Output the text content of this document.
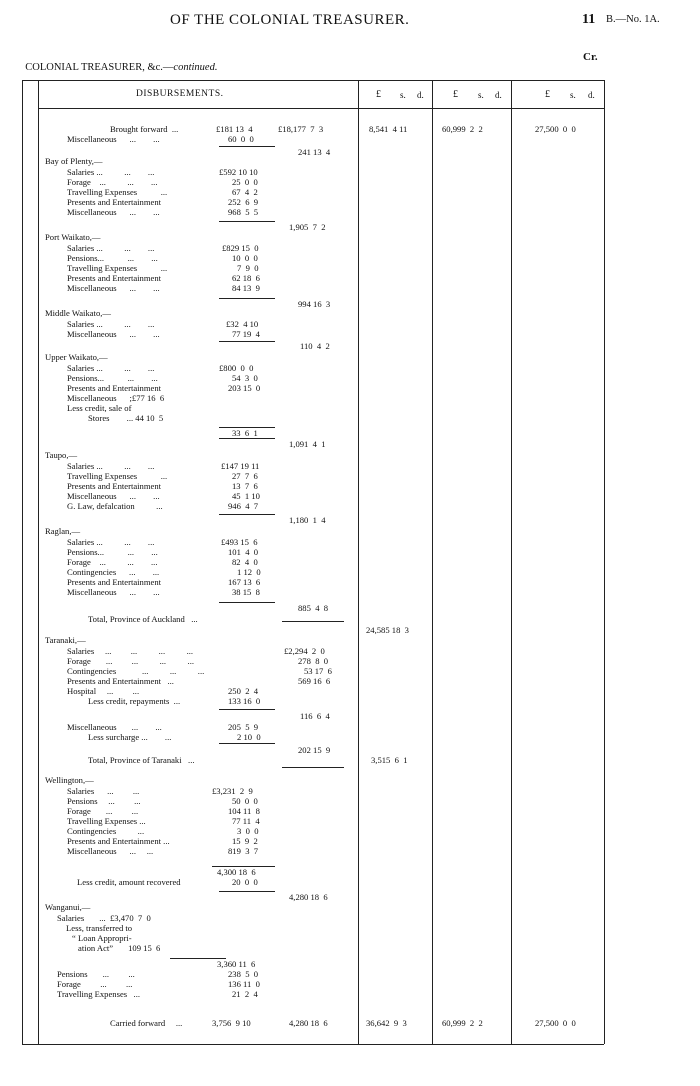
OF THE COLONIAL TREASURER.	11 B.—No. 1A.

COLONIAL TREASURER, &c.—continued.

Cr.
DISBURSEMENTS.	£ s. d.	£ s. d.	£ s. d.
Brought forward  ...	£181 13  4	£18,177  7  3	8,541  4 11	60,999  2  2	27,500  0  0
Miscellaneous      ...        ...	60  0  0
241 13  4
Bay of Plenty,—
Salaries ...          ...        ...	£592 10 10
Forage    ...          ...        ...	25  0  0
Travelling Expenses           ...	67  4  2
Presents and Entertainment	252  6  9
Miscellaneous      ...        ...	968  5  5
1,905  7  2
Port Waikato,—
Salaries ...          ...        ...	£829 15  0
Pensions...           ...        ...	10  0  0
Travelling Expenses           ...	7  9  0
Presents and Entertainment	62 18  6
Miscellaneous      ...        ...	84 13  9
994 16  3
Middle Waikato,—
Salaries ...          ...        ...	£32  4 10
Miscellaneous      ...        ...	77 19  4
110  4  2
Upper Waikato,—
Salaries ...          ...        ...	£800  0  0
Pensions...           ...        ...	54  3  0
Presents and Entertainment	203 15  0
Miscellaneous      ;£77 16  6
Less credit, sale of
Stores        ... 44 10  5
33  6  1
1,091  4  1
Taupo,—
Salaries ...          ...        ...	£147 19 11
Travelling Expenses           ...	27  7  6
Presents and Entertainment	13  7  6
Miscellaneous      ...        ...	45  1 10
G. Law, defalcation          ...	946  4  7
1,180  1  4
Raglan,—
Salaries ...          ...        ...	£493 15  6
Pensions...           ...        ...	101  4  0
Forage    ...          ...        ...	82  4  0
Contingencies      ...        ...	1 12  0
Presents and Entertainment	167 13  6
Miscellaneous      ...        ...	38 15  8
885  4  8
Total, Province of Auckland   ...
24,585 18  3
Taranaki,—
Salaries     ...         ...          ...          ...	£2,294  2  0
Forage       ...         ...          ...          ...	278  8  0
Contingencies            ...          ...          ...	53 17  6
Presents and Entertainment   ...	569 16  6
Hospital     ...         ...	250  2  4
Less credit, repayments  ...	133 16  0
116  6  4
Miscellaneous       ...        ...	205  5  9
Less surcharge ...        ...	2 10  0
202 15  9
Total, Province of Taranaki   ...	3,515  6  1
Wellington,—
Salaries      ...         ...	£3,231  2  9
Pensions     ...         ...	50  0  0
Forage       ...         ...	104 11  8
Travelling Expenses ...	77 11  4
Contingencies          ...	3  0  0
Presents and Entertainment ...	15  9  2
Miscellaneous      ...     ...	819  3  7
4,300 18  6
Less credit, amount recovered	20  0  0
4,280 18  6
Wanganui,—
Salaries       ...  £3,470  7  0
Less, transferred to
“ Loan Appropri-
ation Act”       109 15  6
3,360 11  6
Pensions       ...         ...	238  5  0
Forage         ...         ...	136 11  0
Travelling Expenses   ...	21  2  4
Carried forward     ...	3,756  9 10	4,280 18  6	36,642  9  3	60,999  2  2	27,500  0  0
